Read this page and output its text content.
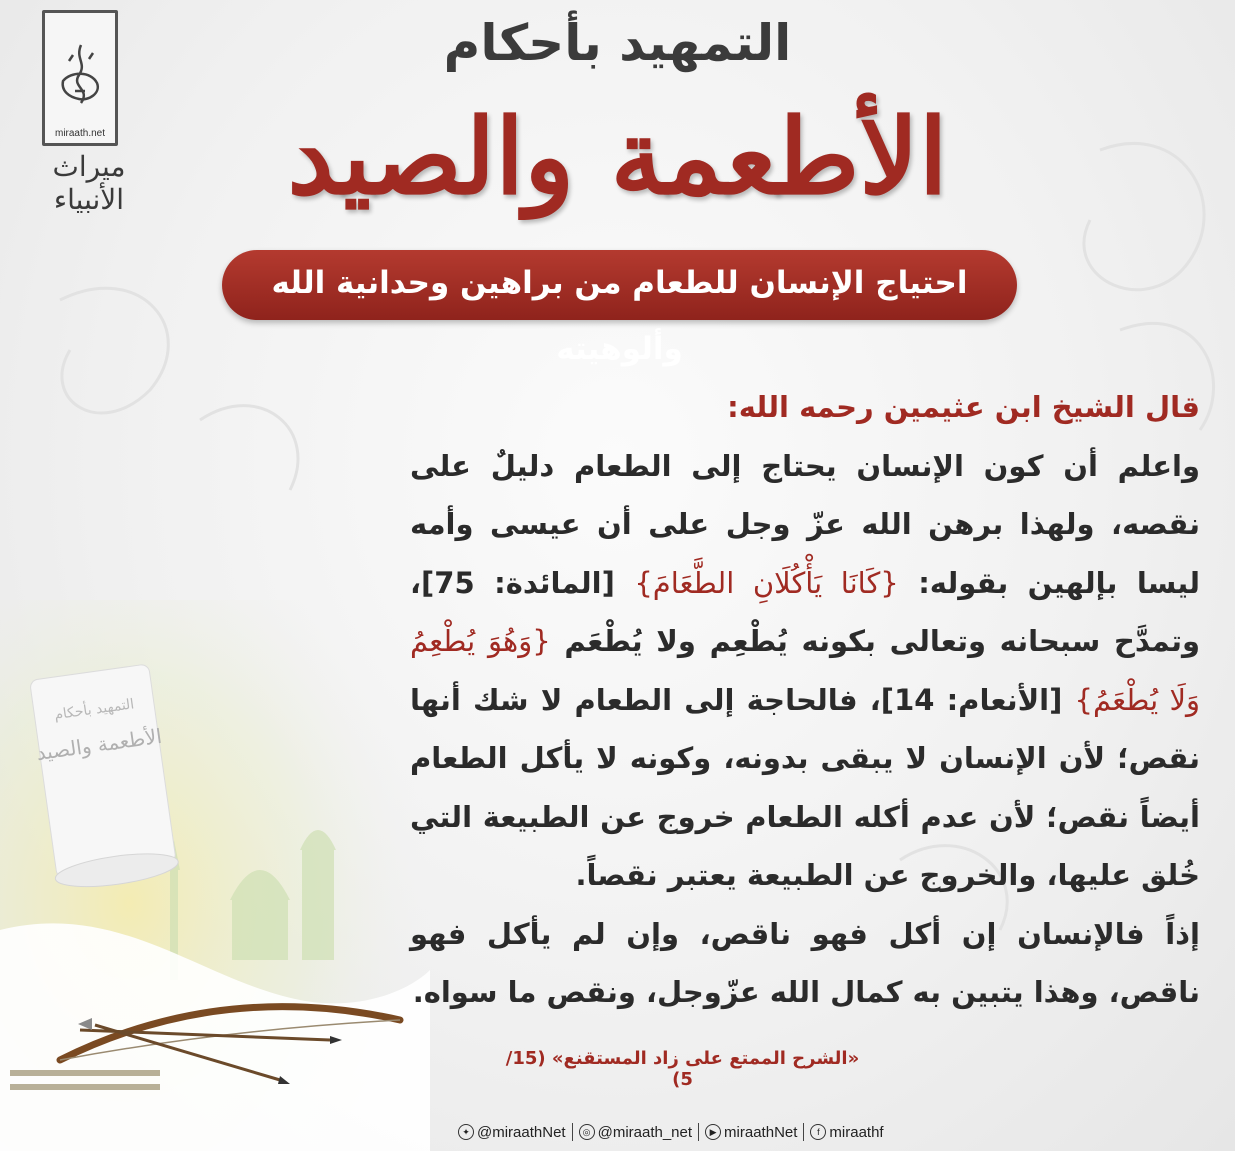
التمهيد بأحكام
الأطعمة والصيد
miraath.net
ميراث الأنبياء
التمهيد بأحكام
الأطعمة والصيد
احتياج الإنسان للطعام من براهين وحدانية الله وألوهيته

قال الشيخ ابن عثيمين رحمه الله:

واعلم أن كون الإنسان يحتاج إلى الطعام دليلٌ على نقصه، ولهذا برهن الله عزّ وجل على أن عيسى وأمه ليسا بإلهين بقوله: {كَانَا يَأْكُلَانِ الطَّعَامَ} [المائدة: 75]، وتمدَّح سبحانه وتعالى بكونه يُطْعِم ولا يُطْعَم {وَهُوَ يُطْعِمُ وَلَا يُطْعَمُ} [الأنعام: 14]، فالحاجة إلى الطعام لا شك أنها نقص؛ لأن الإنسان لا يبقى بدونه، وكونه لا يأكل الطعام أيضاً نقص؛ لأن عدم أكله الطعام خروج عن الطبيعة التي خُلق عليها، والخروج عن الطبيعة يعتبر نقصاً.

إذاً فالإنسان إن أكل فهو ناقص، وإن لم يأكل فهو ناقص، وهذا يتبين به كمال الله عزّوجل، ونقص ما سواه.

«الشرح الممتع على زاد المستقنع» (15/ 5)
✦ @miraathNet	◎ @miraath_net	▶ miraathNet	f miraathf
